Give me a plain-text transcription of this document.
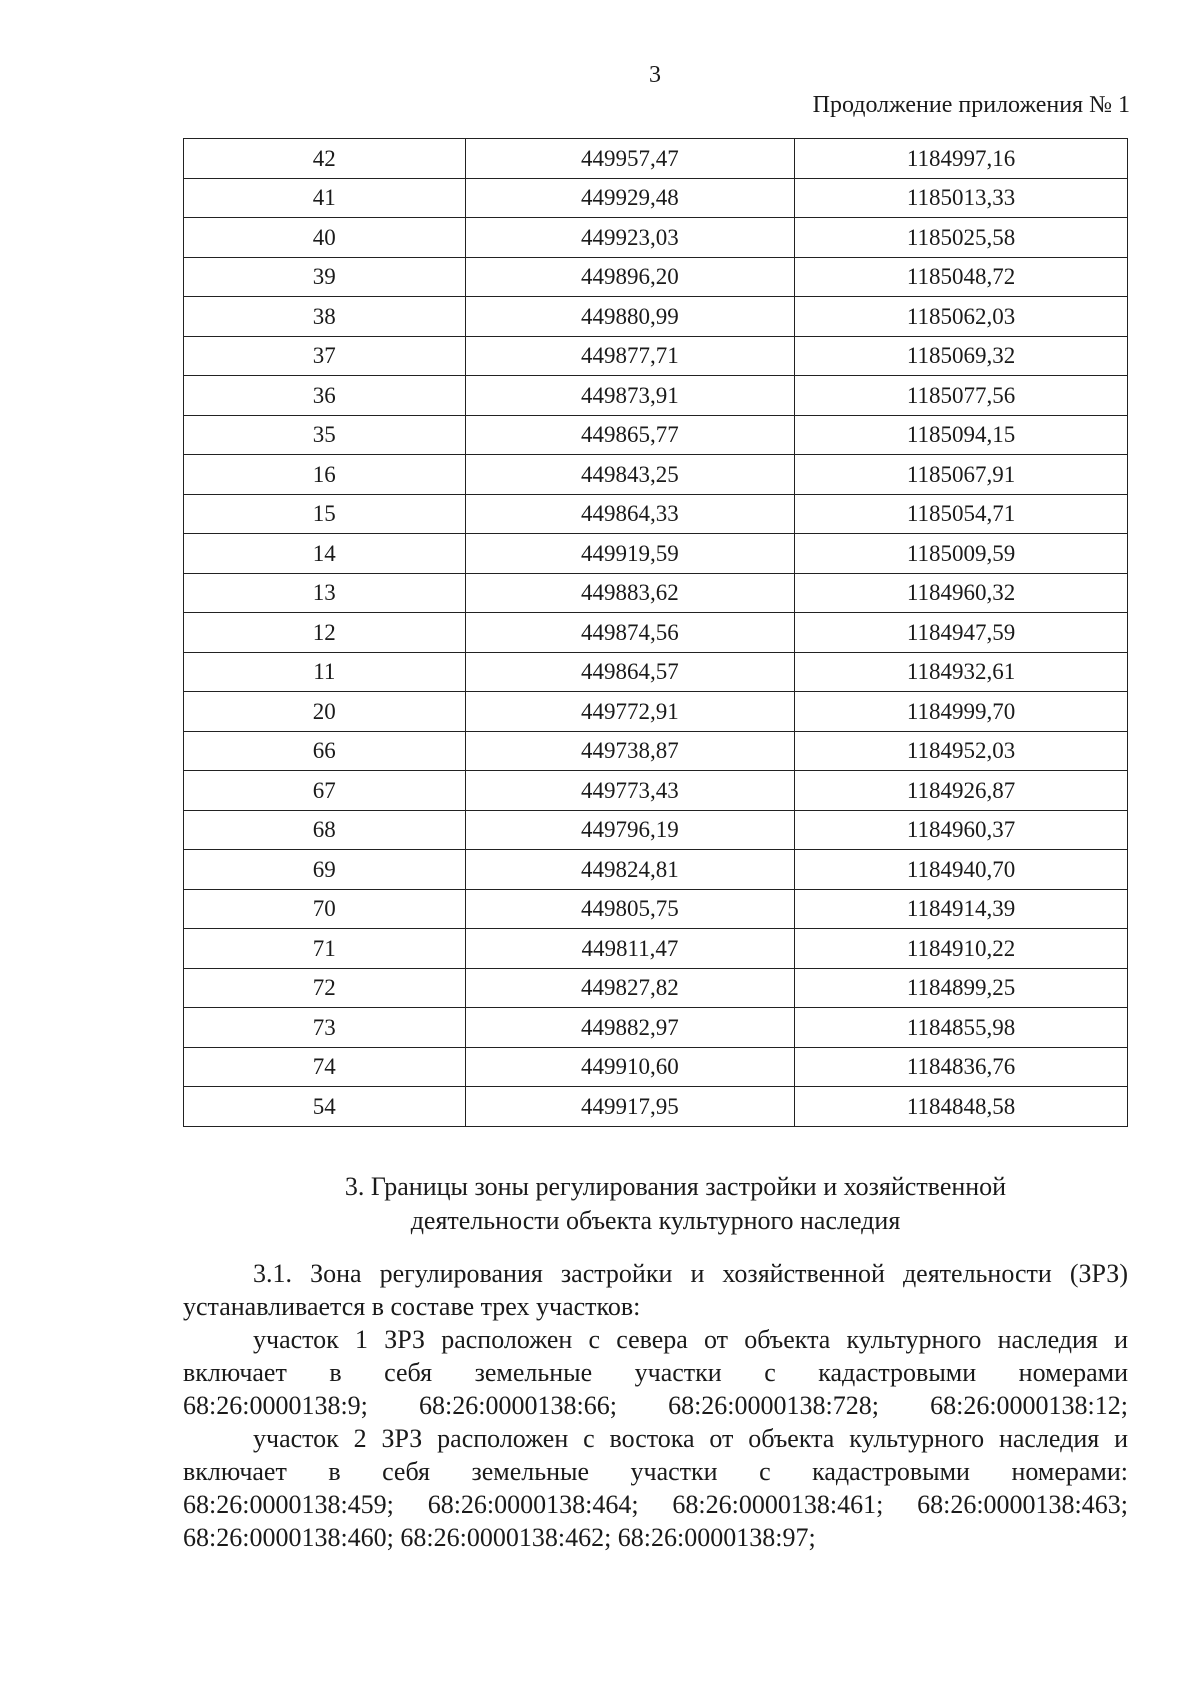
3
Продолжение приложения № 1
42	449957,47	1184997,16
41	449929,48	1185013,33
40	449923,03	1185025,58
39	449896,20	1185048,72
38	449880,99	1185062,03
37	449877,71	1185069,32
36	449873,91	1185077,56
35	449865,77	1185094,15
16	449843,25	1185067,91
15	449864,33	1185054,71
14	449919,59	1185009,59
13	449883,62	1184960,32
12	449874,56	1184947,59
11	449864,57	1184932,61
20	449772,91	1184999,70
66	449738,87	1184952,03
67	449773,43	1184926,87
68	449796,19	1184960,37
69	449824,81	1184940,70
70	449805,75	1184914,39
71	449811,47	1184910,22
72	449827,82	1184899,25
73	449882,97	1184855,98
74	449910,60	1184836,76
54	449917,95	1184848,58
3. Границы зоны регулирования застройки и хозяйственной
деятельности объекта культурного наследия

3.1. Зона регулирования застройки и хозяйственной деятельности (ЗРЗ)

устанавливается в составе трех участков:

участок 1 ЗРЗ расположен с севера от объекта культурного наследия и

включает в себя земельные участки с кадастровыми номерами

68:26:0000138:9; 68:26:0000138:66; 68:26:0000138:728; 68:26:0000138:12;

участок 2 ЗРЗ расположен с востока от объекта культурного наследия и

включает в себя земельные участки с кадастровыми номерами:

68:26:0000138:459; 68:26:0000138:464; 68:26:0000138:461; 68:26:0000138:463;

68:26:0000138:460; 68:26:0000138:462; 68:26:0000138:97;
